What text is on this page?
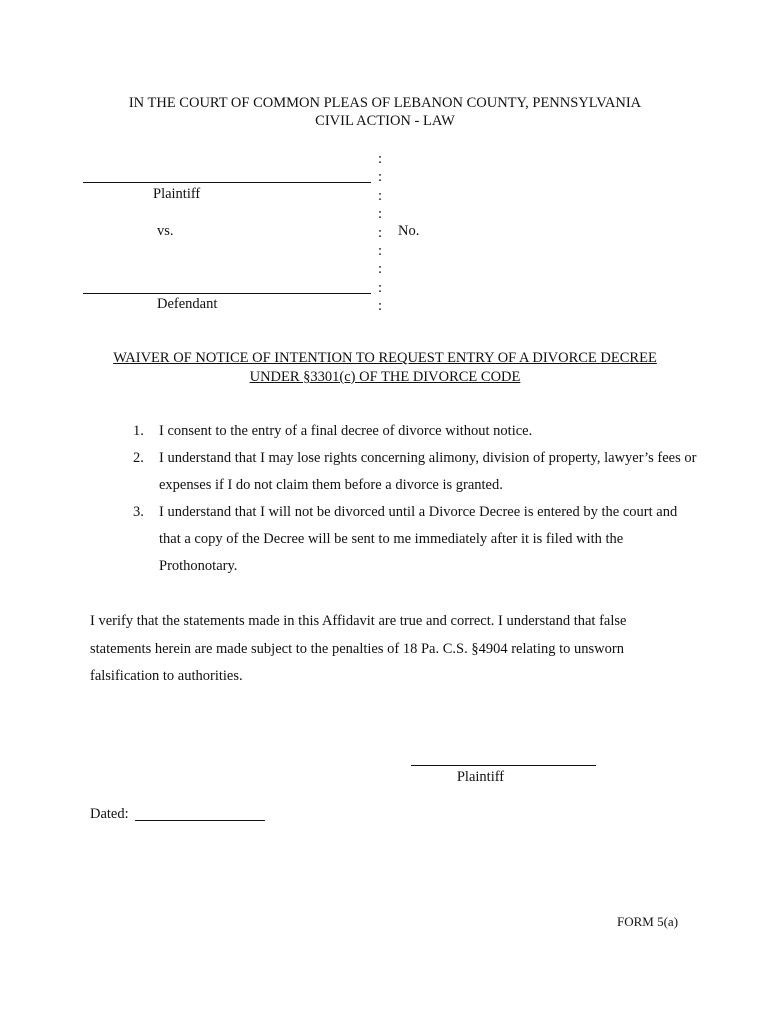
IN THE COURT OF COMMON PLEAS OF LEBANON COUNTY, PENNSYLVANIA
CIVIL ACTION - LAW
Plaintiff
vs.
Defendant
:
:
:
:
:
:
:
:
:
No.
WAIVER OF NOTICE OF INTENTION TO REQUEST ENTRY OF A DIVORCE DECREE
UNDER §3301(c) OF THE DIVORCE CODE
1.	I consent to the entry of a final decree of divorce without notice.
2.	I understand that I may lose rights concerning alimony, division of property, lawyer’s fees or expenses if I do not claim them before a divorce is granted.
3.	I understand that I will not be divorced until a Divorce Decree is entered by the court and that a copy of the Decree will be sent to me immediately after it is filed with the Prothonotary.
I verify that the statements made in this Affidavit are true and correct. I understand that false statements herein are made subject to the penalties of 18 Pa. C.S. §4904 relating to unsworn falsification to authorities.
Plaintiff
Dated:
FORM 5(a)
